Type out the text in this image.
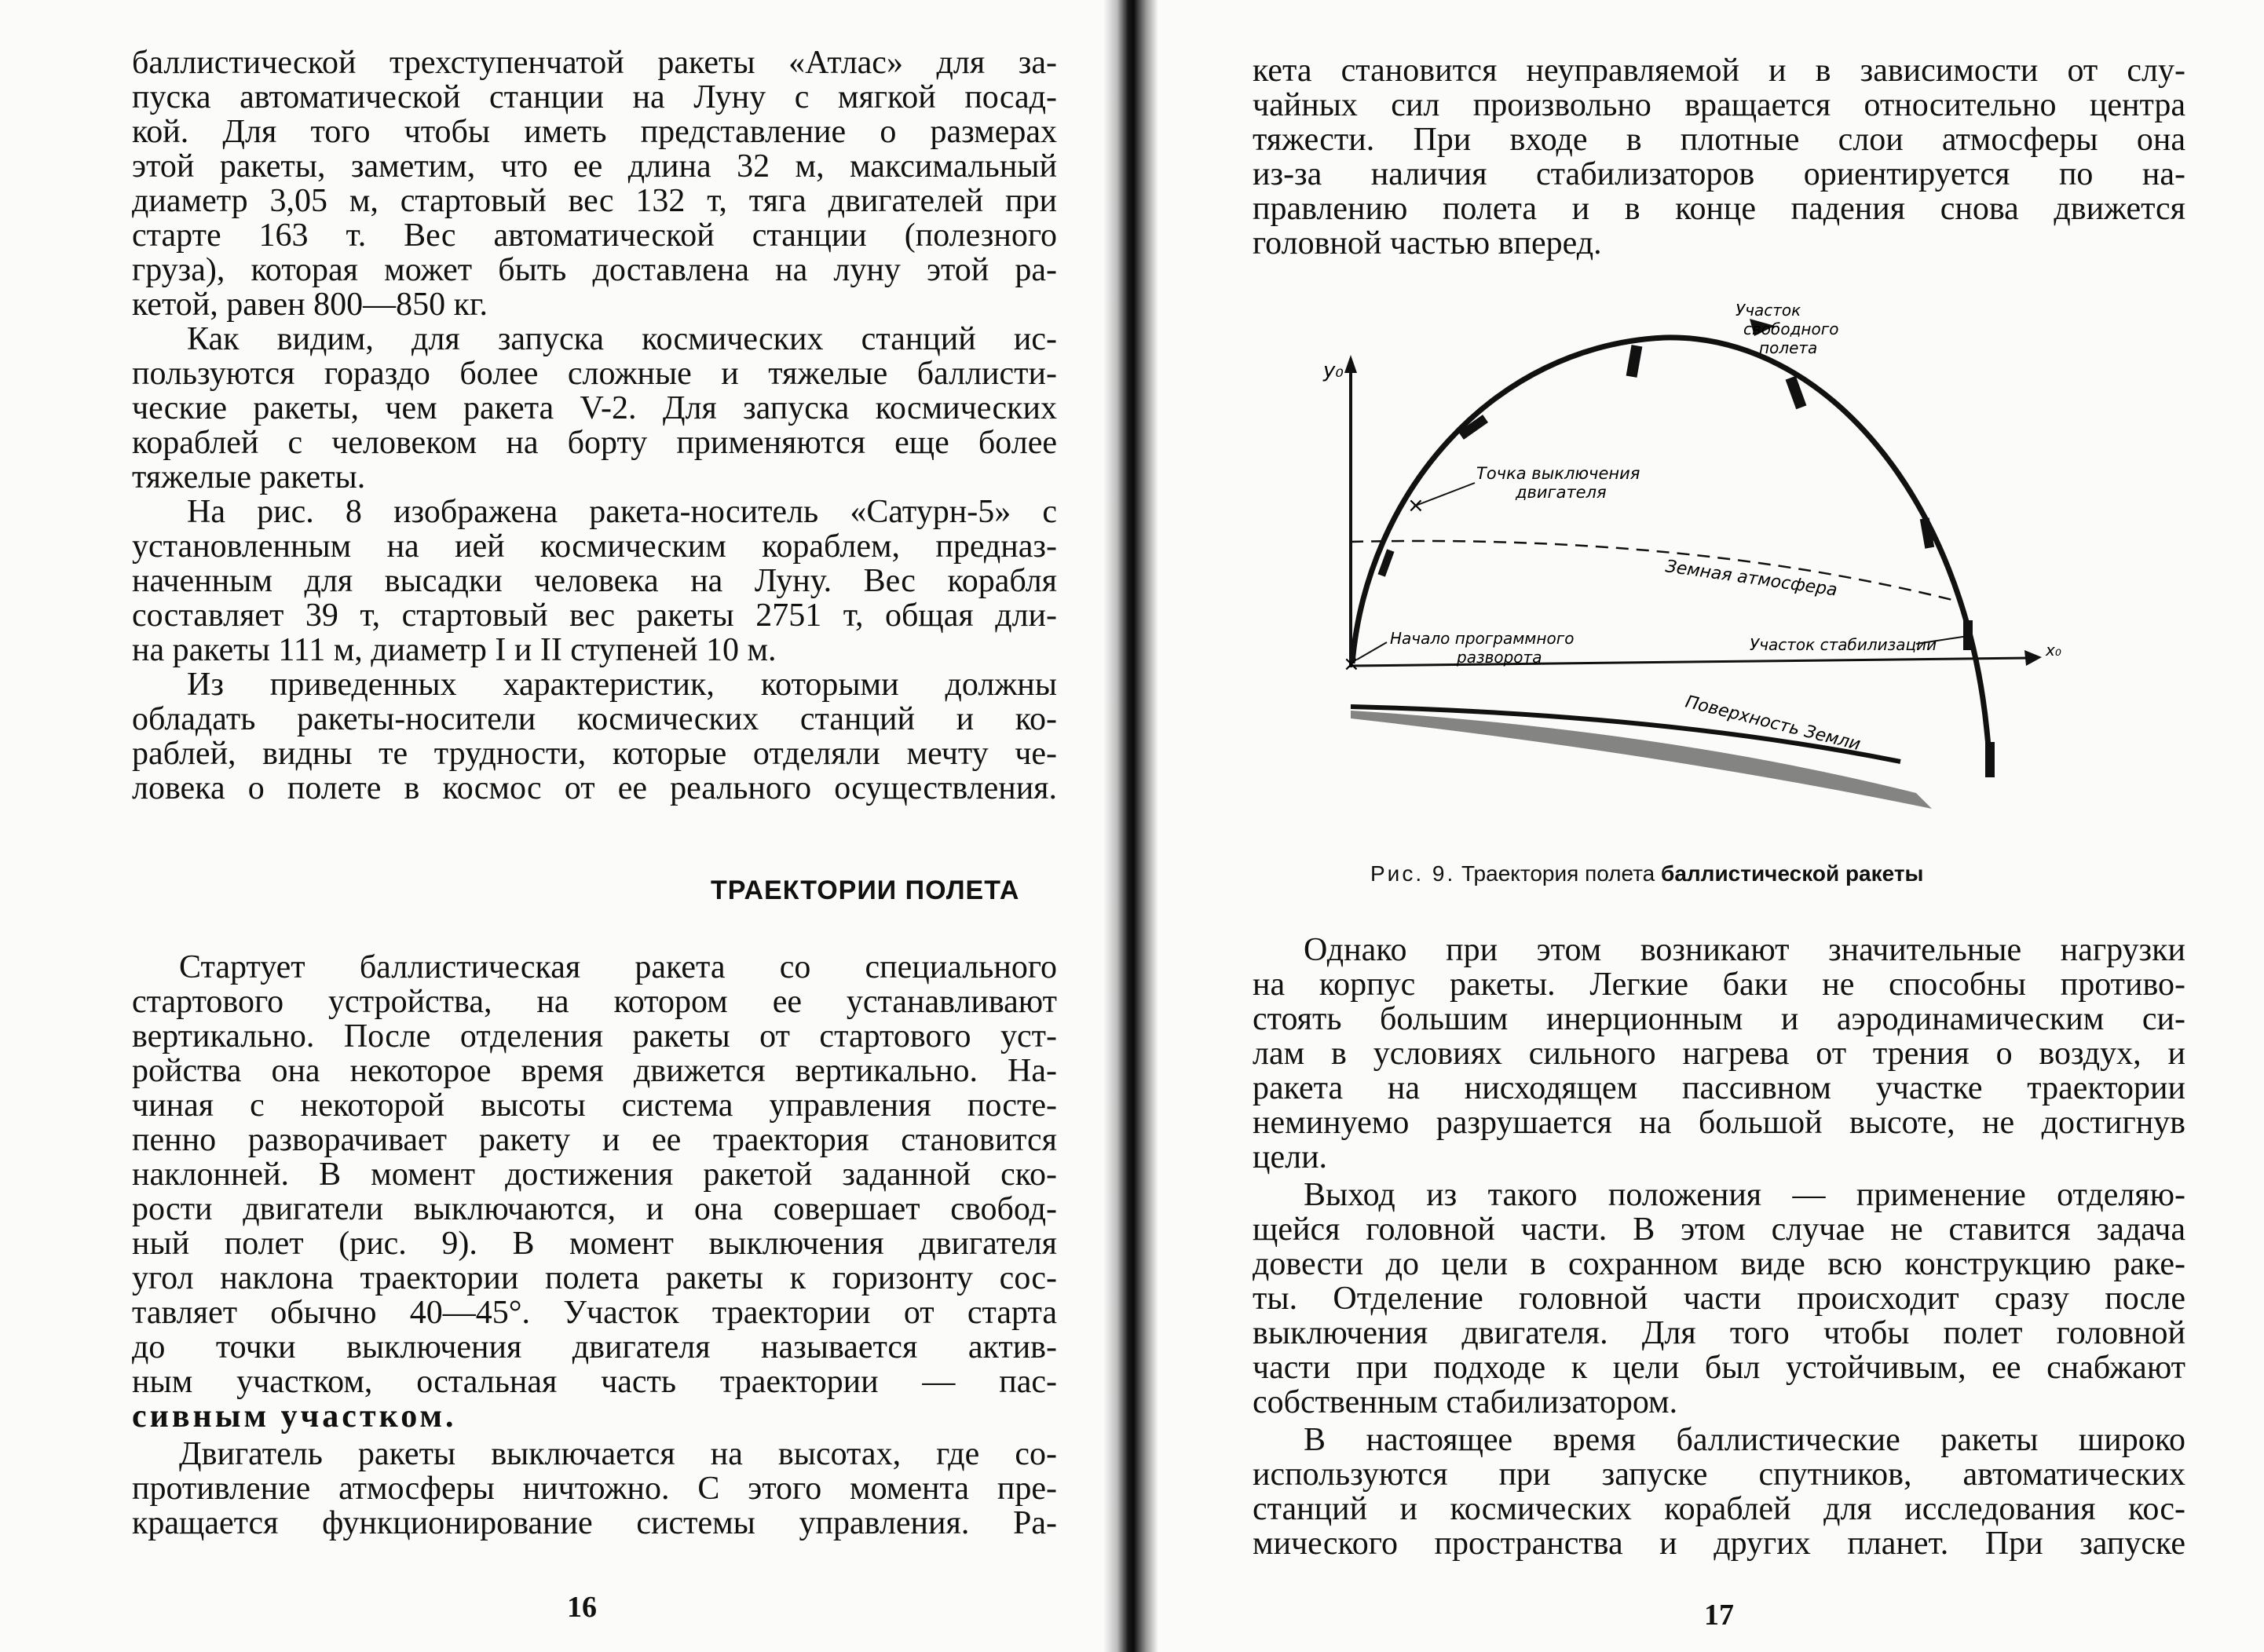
баллистической трехступенчатой ракеты «Атлас» для за-
пуска автоматической станции на Луну с мягкой посад-
кой. Для того чтобы иметь представление о размерах
этой ракеты, заметим, что ее длина 32 м, максимальный
диаметр 3,05 м, стартовый вес 132 т, тяга двигателей при
старте 163 т. Вес автоматической станции (полезного
груза), которая может быть доставлена на луну этой ра-
кетой, равен 800—850 кг.
Как видим, для запуска космических станций ис-
пользуются гораздо более сложные и тяжелые баллисти-
ческие ракеты, чем ракета V-2. Для запуска космических
кораблей с человеком на борту применяются еще более
тяжелые ракеты.
На рис. 8 изображена ракета-носитель «Сатурн-5» с
установленным на ией космическим кораблем, предназ-
наченным для высадки человека на Луну. Вес корабля
составляет 39 т, стартовый вес ракеты 2751 т, общая дли-
на ракеты 111 м, диаметр I и II ступеней 10 м.
Из приведенных характеристик, которыми должны
обладать ракеты-носители космических станций и ко-
раблей, видны те трудности, которые отделяли мечту че-
ловека о полете в космос от ее реального осуществления.
ТРАЕКТОРИИ ПОЛЕТА
Стартует баллистическая ракета со специального
стартового устройства, на котором ее устанавливают
вертикально. После отделения ракеты от стартового уст-
ройства она некоторое время движется вертикально. На-
чиная с некоторой высоты система управления посте-
пенно разворачивает ракету и ее траектория становится
наклонней. В момент достижения ракетой заданной ско-
рости двигатели выключаются, и она совершает свобод-
ный полет (рис. 9). В момент выключения двигателя
угол наклона траектории полета ракеты к горизонту сос-
тавляет обычно 40—45°. Участок траектории от старта
до точки выключения двигателя называется актив-
ным участком, остальная часть траектории — пас-
сивным участком.
Двигатель ракеты выключается на высотах, где со-
противление атмосферы ничтожно. С этого момента пре-
кращается функционирование системы управления. Ра-
16
кета становится неуправляемой и в зависимости от слу-
чайных сил произвольно вращается относительно центра
тяжести. При входе в плотные слои атмосферы она
из-за наличия стабилизаторов ориентируется по на-
правлению полета и в конце падения снова движется
головной частью вперед.
у₀
х₀
×
×
Участок
свободного
полета
Точка выключения
двигателя
Земная атмосфера
Начало программного
разворота
Участок стабилизации
Поверхность Земли
Рис. 9. Траектория полета баллистической ракеты
Однако при этом возникают значительные нагрузки
на корпус ракеты. Легкие баки не способны противо-
стоять большим инерционным и аэродинамическим си-
лам в условиях сильного нагрева от трения о воздух, и
ракета на нисходящем пассивном участке траектории
неминуемо разрушается на большой высоте, не достигнув
цели.
Выход из такого положения — применение отделяю-
щейся головной части. В этом случае не ставится задача
довести до цели в сохранном виде всю конструкцию раке-
ты. Отделение головной части происходит сразу после
выключения двигателя. Для того чтобы полет головной
части при подходе к цели был устойчивым, ее снабжают
собственным стабилизатором.
В настоящее время баллистические ракеты широко
используются при запуске спутников, автоматических
станций и космических кораблей для исследования кос-
мического пространства и других планет. При запуске
17
